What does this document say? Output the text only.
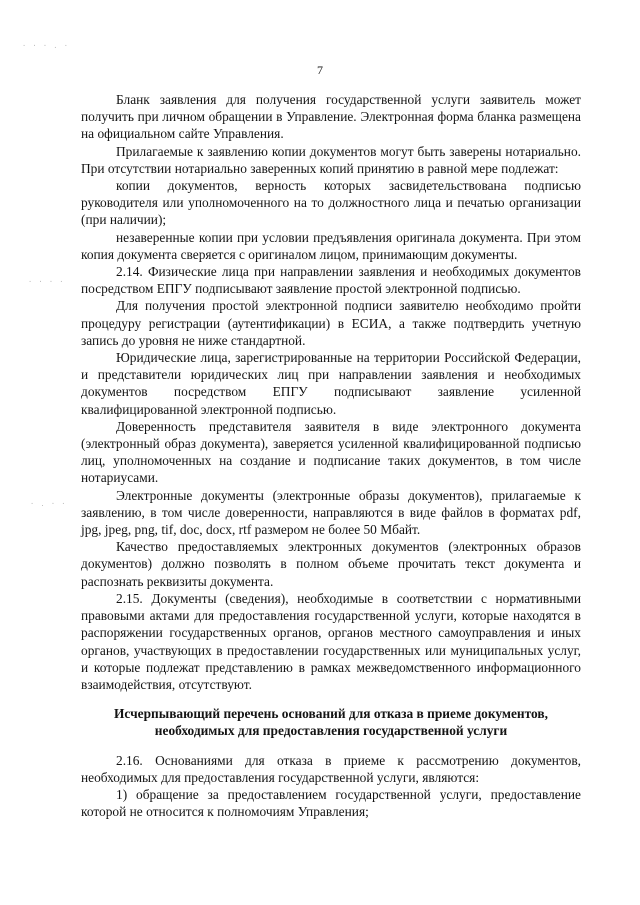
· · · . ·
· · · ·
· . · ·
7

Бланк заявления для получения государственной услуги заявитель может получить при личном обращении в Управление. Электронная форма бланка размещена на официальном сайте Управления.

Прилагаемые к заявлению копии документов могут быть заверены нотариально. При отсутствии нотариально заверенных копий принятию в равной мере подлежат:

копии документов, верность которых засвидетельствована подписью руководителя или уполномоченного на то должностного лица и печатью организации (при наличии);

незаверенные копии при условии предъявления оригинала документа. При этом копия документа сверяется с оригиналом лицом, принимающим документы.

2.14. Физические лица при направлении заявления и необходимых документов посредством ЕПГУ подписывают заявление простой электронной подписью.

Для получения простой электронной подписи заявителю необходимо пройти процедуру регистрации (аутентификации) в ЕСИА, а также подтвердить учетную запись до уровня не ниже стандартной.

Юридические лица, зарегистрированные на территории Российской Федерации, и представители юридических лиц при направлении заявления и необходимых документов посредством ЕПГУ подписывают заявление усиленной квалифицированной электронной подписью.

Доверенность представителя заявителя в виде электронного документа (электронный образ документа), заверяется усиленной квалифицированной подписью лиц, уполномоченных на создание и подписание таких документов, в том числе нотариусами.

Электронные документы (электронные образы документов), прилагаемые к заявлению, в том числе доверенности, направляются в виде файлов в форматах pdf, jpg, jpeg, png, tif, doc, docx, rtf размером не более 50 Мбайт.

Качество предоставляемых электронных документов (электронных образов документов) должно позволять в полном объеме прочитать текст документа и распознать реквизиты документа.

2.15. Документы (сведения), необходимые в соответствии с нормативными правовыми актами для предоставления государственной услуги, которые находятся в распоряжении государственных органов, органов местного самоуправления и иных органов, участвующих в предоставлении государственных или муниципальных услуг, и которые подлежат представлению в рамках межведомственного информационного взаимодействия, отсутствуют.

Исчерпывающий перечень оснований для отказа в приеме документов,
необходимых для предоставления государственной услуги

2.16. Основаниями для отказа в приеме к рассмотрению документов, необходимых для предоставления государственной услуги, являются:

1) обращение за предоставлением государственной услуги, предоставление которой не относится к полномочиям Управления;
